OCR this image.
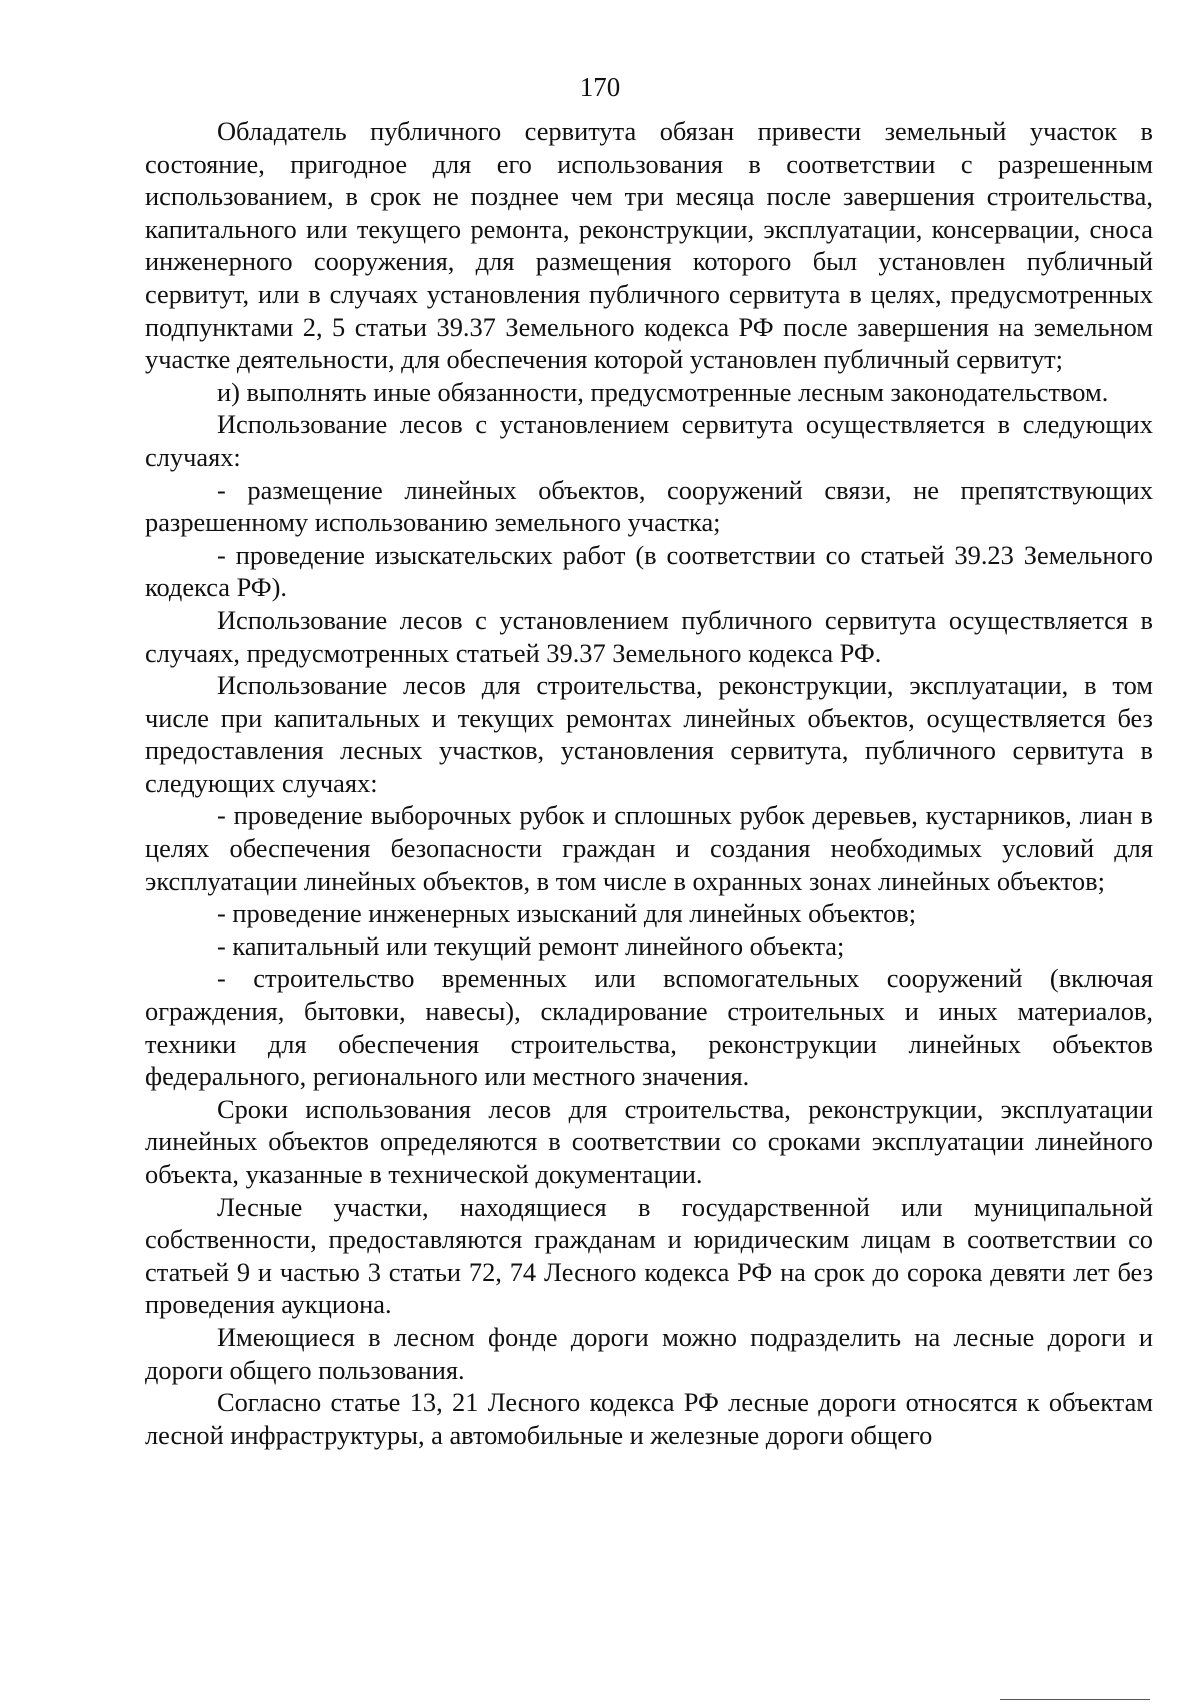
170

Обладатель публичного сервитута обязан привести земельный участок в состояние, пригодное для его использования в соответствии с разрешенным использованием, в срок не позднее чем три месяца после завершения строительства, капитального или текущего ремонта, реконструкции, эксплуатации, консервации, сноса инженерного сооружения, для размещения которого был установлен публичный сервитут, или в случаях установления публичного сервитута в целях, предусмотренных подпунктами 2, 5 статьи 39.37 Земельного кодекса РФ после завершения на земельном участке деятельности, для обеспечения которой установлен публичный сервитут;

и) выполнять иные обязанности, предусмотренные лесным законодательством.

Использование лесов с установлением сервитута осуществляется в следующих случаях:

- размещение линейных объектов, сооружений связи, не препятствующих разрешенному использованию земельного участка;

- проведение изыскательских работ (в соответствии со статьей 39.23 Земельного кодекса РФ).

Использование лесов с установлением публичного сервитута осуществляется в случаях, предусмотренных статьей 39.37 Земельного кодекса РФ.

Использование лесов для строительства, реконструкции, эксплуатации, в том числе при капитальных и текущих ремонтах линейных объектов, осуществляется без предоставления лесных участков, установления сервитута, публичного сервитута в следующих случаях:

- проведение выборочных рубок и сплошных рубок деревьев, кустарников, лиан в целях обеспечения безопасности граждан и создания необходимых условий для эксплуатации линейных объектов, в том числе в охранных зонах линейных объектов;

- проведение инженерных изысканий для линейных объектов;

- капитальный или текущий ремонт линейного объекта;

- строительство временных или вспомогательных сооружений (включая ограждения, бытовки, навесы), складирование строительных и иных материалов, техники для обеспечения строительства, реконструкции линейных объектов федерального, регионального или местного значения.

Сроки использования лесов для строительства, реконструкции, эксплуатации линейных объектов определяются в соответствии со сроками эксплуатации линейного объекта, указанные в технической документации.

Лесные участки, находящиеся в государственной или муниципальной собственности, предоставляются гражданам и юридическим лицам в соответствии со статьей 9 и частью 3 статьи 72, 74 Лесного кодекса РФ на срок до сорока девяти лет без проведения аукциона.

Имеющиеся в лесном фонде дороги можно подразделить на лесные дороги и дороги общего пользования.

Согласно статье 13, 21 Лесного кодекса РФ лесные дороги относятся к объектам лесной инфраструктуры, а автомобильные и железные дороги общего
